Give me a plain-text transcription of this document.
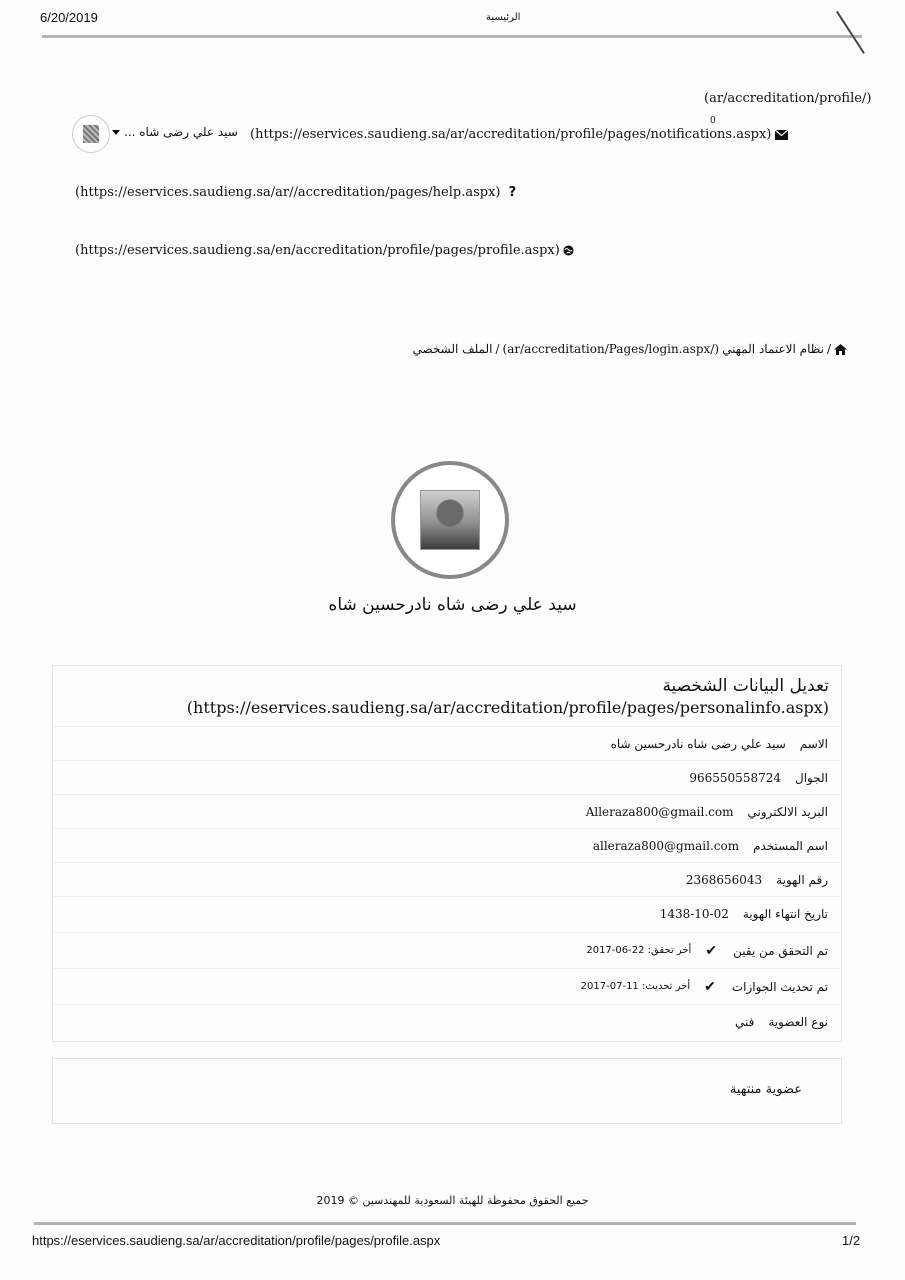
6/20/2019	الرئيسية
(ar/accreditation/profile/)
(https://eservices.saudieng.sa/ar/accreditation/profile/pages/notifications.aspx)
0
سيد علي رضى شاه ...
(https://eservices.saudieng.sa/ar//accreditation/pages/help.aspx) ?
(https://eservices.saudieng.sa/en/accreditation/profile/pages/profile.aspx)
/
نظام الاعتماد المهني
(/ar/accreditation/Pages/login.aspx)
/
الملف الشخصي
سيد علي رضى شاه نادرحسين شاه
تعديل البيانات الشخصية
(https://eservices.saudieng.sa/ar/accreditation/profile/pages/personalinfo.aspx)
الاسم
سيد علي رضى شاه نادرحسين شاه
الجوال
966550558724
البريد الالكتروني
Alleraza800@gmail.com
اسم المستخدم
alleraza800@gmail.com
رقم الهوية
2368656043
تاريخ انتهاء الهوية
1438-10-02
تم التحقق من يقين
✔
أخر تحقق: 22-06-2017
تم تحديث الجوازات
✔
أخر تحديث: 11-07-2017
نوع العضوية
فني
عضوية منتهية
جميع الحقوق محفوظة للهيئة السعودية للمهندسين © 2019
https://eservices.saudieng.sa/ar/accreditation/profile/pages/profile.aspx	1/2
